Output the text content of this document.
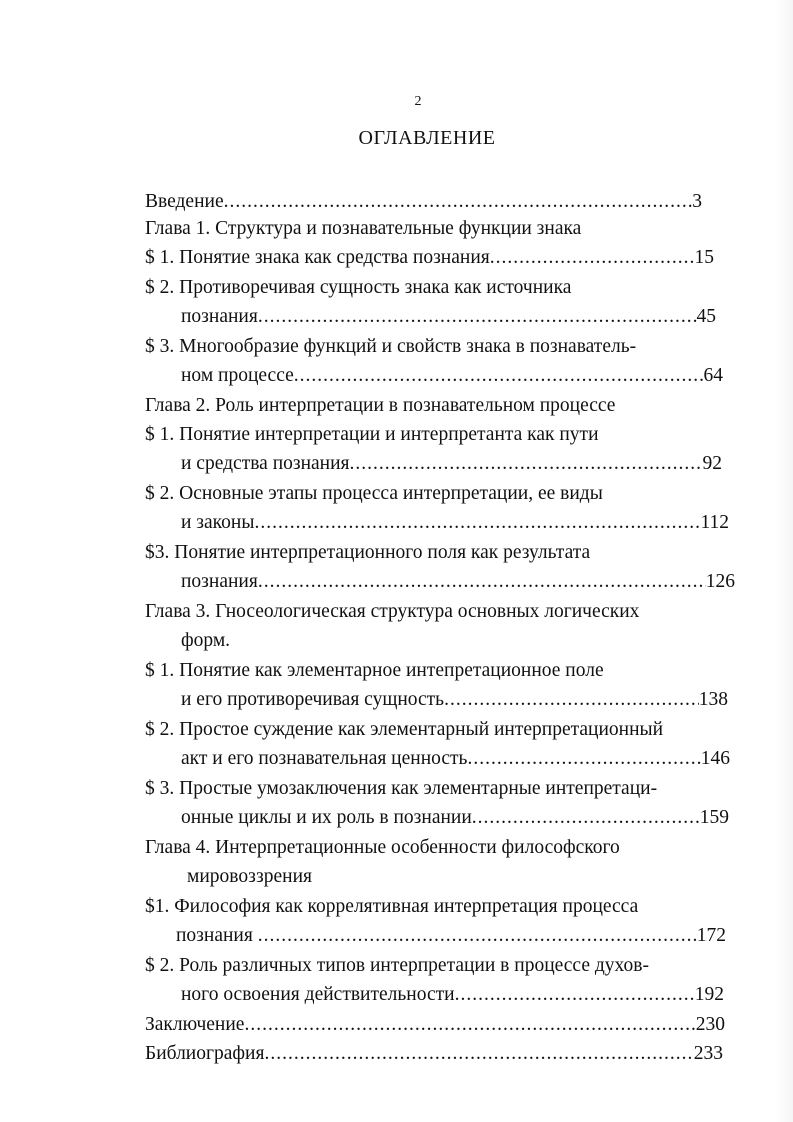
2
ОГЛАВЛЕНИЕ
Введение .....	3
Глава 1. Структура и познавательные функции знака
$ 1. Понятие знака как средства познания .....	15
$ 2. Противоречивая сущность знака как источника
познания .....	45
$ 3. Многообразие функций и свойств знака в познаватель-
ном процессе .....	64
Глава 2. Роль интерпретации в познавательном процессе
$ 1. Понятие интерпретации и интерпретанта как пути
и средства познания .....	92
$ 2. Основные этапы процесса интерпретации, ее виды
и законы .....	112
$3. Понятие интерпретационного поля как результата
познания .....	126
Глава 3. Гносеологическая структура основных логических
форм.
$ 1. Понятие как элементарное интепретационное поле
и его противоречивая сущность .....	138
$ 2. Простое суждение как элементарный интерпретационный
акт и его познавательная ценность .....	146
$ 3. Простые умозаключения как элементарные интепретаци-
онные циклы и их роль в познании .....	159
Глава 4. Интерпретационные особенности философского
мировоззрения
$1. Философия как коррелятивная интерпретация процесса
познания .....	172
$ 2. Роль различных типов интерпретации в процессе духов-
ного освоения действительности .....	192
Заключение .....	230
Библиография .....	233
